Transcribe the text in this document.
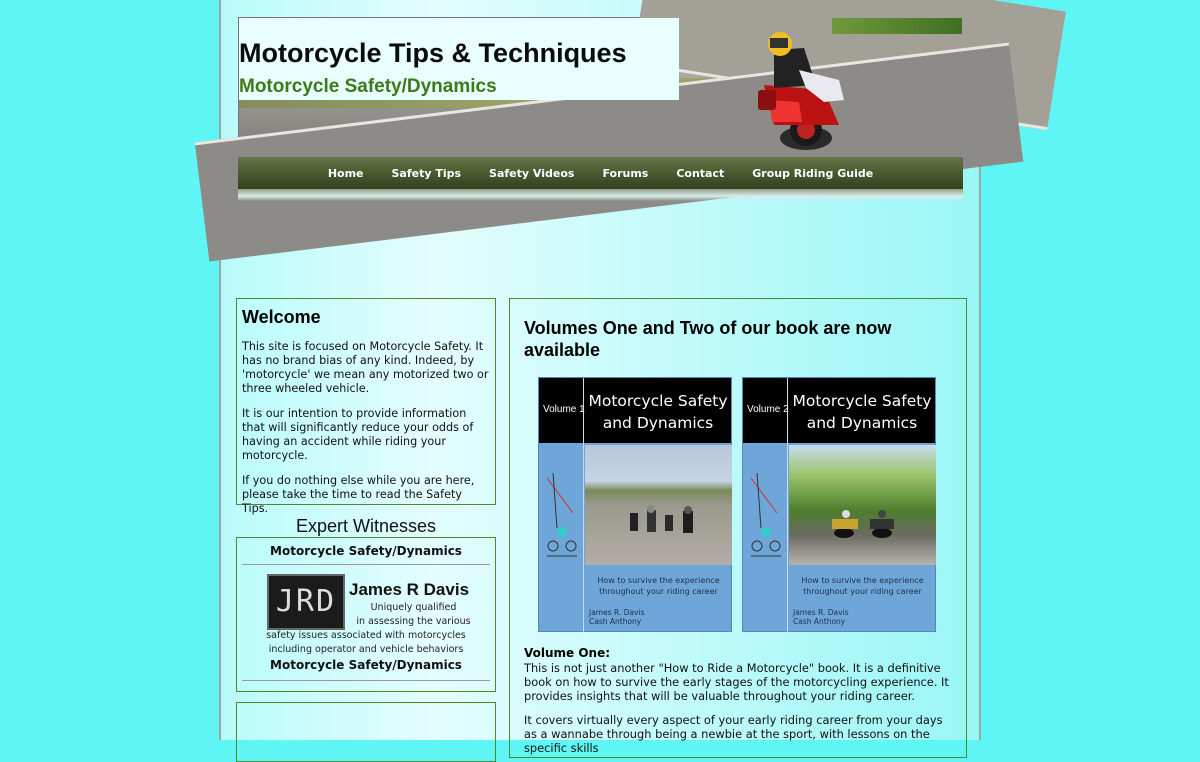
Motorcycle Tips & Techniques
Motorcycle Safety/Dynamics
Home	Safety Tips	Safety Videos	Forums	Contact	Group Riding Guide
Welcome

This site is focused on Motorcycle Safety. It has no brand bias of any kind. Indeed, by 'motorcycle' we mean any motorized two or three wheeled vehicle.

It is our intention to provide information that will significantly reduce your odds of having an accident while riding your motorcycle.

If you do nothing else while you are here, please take the time to read the Safety Tips.

Expert Witnesses
Motorcycle Safety/Dynamics
JRD James R Davis
Uniquely qualified
in assessing the various
safety issues associated with motorcycles
including operator and vehicle behaviors
Motorcycle Safety/Dynamics
Volumes One and Two of our book are now available
Volume 1 Motorcycle Safety
and Dynamics
How to survive the experience
throughout your riding career
James R. Davis
Cash Anthony
Volume 2 Motorcycle Safety
and Dynamics
How to survive the experience
throughout your riding career
James R. Davis
Cash Anthony
Volume One:

This is not just another "How to Ride a Motorcycle" book. It is a definitive book on how to survive the early stages of the motorcycling experience. It provides insights that will be valuable throughout your riding career.

It covers virtually every aspect of your early riding career from your days as a wannabe through being a newbie at the sport, with lessons on the specific skills
